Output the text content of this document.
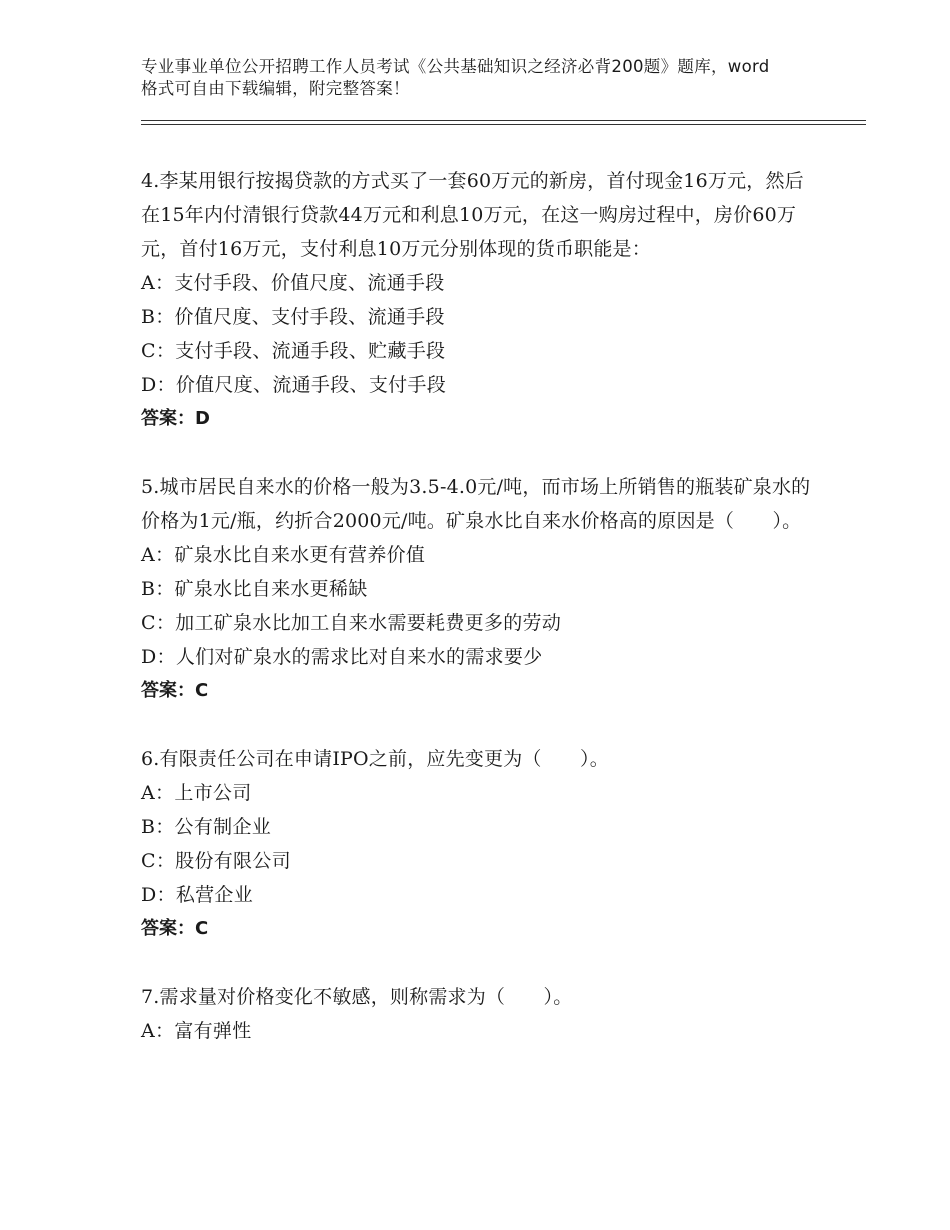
专业事业单位公开招聘工作人员考试《公共基础知识之经济必背200题》题库，word格式可自由下载编辑，附完整答案！
4.李某用银行按揭贷款的方式买了一套60万元的新房，首付现金16万元，然后在15年内付清银行贷款44万元和利息10万元，在这一购房过程中，房价60万元，首付16万元，支付利息10万元分别体现的货币职能是：
A：支付手段、价值尺度、流通手段
B：价值尺度、支付手段、流通手段
C：支付手段、流通手段、贮藏手段
D：价值尺度、流通手段、支付手段
答案：D
5.城市居民自来水的价格一般为3.5-4.0元/吨，而市场上所销售的瓶装矿泉水的价格为1元/瓶，约折合2000元/吨。矿泉水比自来水价格高的原因是（　　）。
A：矿泉水比自来水更有营养价值
B：矿泉水比自来水更稀缺
C：加工矿泉水比加工自来水需要耗费更多的劳动
D：人们对矿泉水的需求比对自来水的需求要少
答案：C
6.有限责任公司在申请IPO之前，应先变更为（　　）。
A：上市公司
B：公有制企业
C：股份有限公司
D：私营企业
答案：C
7.需求量对价格变化不敏感，则称需求为（　　）。
A：富有弹性
